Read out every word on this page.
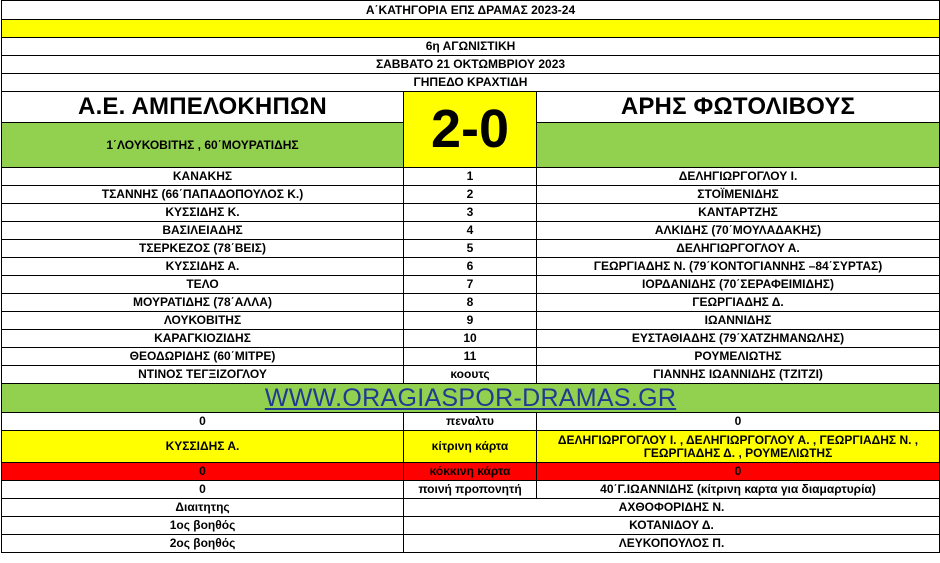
Α΄ΚΑΤΗΓΟΡΙΑ ΕΠΣ ΔΡΑΜΑΣ 2023-24		

6η ΑΓΩΝΙΣΤΙΚΗ		
ΣΑΒΒΑΤΟ 21 ΟΚΤΩΜΒΡΙΟΥ 2023		
ΓΗΠΕΔΟ ΚΡΑΧΤΙΔΗ		
Α.Ε. ΑΜΠΕΛΟΚΗΠΩΝ	2-0	ΑΡΗΣ ΦΩΤΟΛΙΒΟΥΣ
1΄ΛΟΥΚΟΒΙΤΗΣ , 60΄ΜΟΥΡΑΤΙΔΗΣ		
ΚΑΝΑΚΗΣ	1	ΔΕΛΗΓΙΩΡΓΟΓΛΟΥ Ι.
ΤΣΑΝΝΗΣ (66΄ΠΑΠΑΔΟΠΟΥΛΟΣ Κ.)	2	ΣΤΟΪΜΕΝΙΔΗΣ
ΚΥΣΣΙΔΗΣ Κ.	3	ΚΑΝΤΑΡΤΖΗΣ
ΒΑΣΙΛΕΙΑΔΗΣ	4	ΑΛΚΙΔΗΣ (70΄ΜΟΥΛΑΔΑΚΗΣ)
ΤΣΕΡΚΕΖΟΣ (78΄ΒΕΙΣ)	5	ΔΕΛΗΓΙΩΡΓΟΓΛΟΥ Α.
ΚΥΣΣΙΔΗΣ Α.	6	ΓΕΩΡΓΙΑΔΗΣ Ν. (79΄ΚΟΝΤΟΓΙΑΝΝΗΣ –84΄ΣΥΡΤΑΣ)
ΤΕΛΟ	7	ΙΟΡΔΑΝΙΔΗΣ (70΄ΣΕΡΑΦΕΙΜΙΔΗΣ)
ΜΟΥΡΑΤΙΔΗΣ (78΄ΑΛΛΑ)	8	ΓΕΩΡΓΙΑΔΗΣ Δ.
ΛΟΥΚΟΒΙΤΗΣ	9	ΙΩΑΝΝΙΔΗΣ
ΚΑΡΑΓΚΙΟΖΙΔΗΣ	10	ΕΥΣΤΑΘΙΑΔΗΣ (79΄ΧΑΤΖΗΜΑΝΩΛΗΣ)
ΘΕΟΔΩΡΙΔΗΣ (60΄ΜΙΤΡΕ)	11	ΡΟΥΜΕΛΙΩΤΗΣ
ΝΤΙΝΟΣ ΤΕΓΞΙΖΟΓΛΟΥ	κοουτς	ΓΙΑΝΝΗΣ ΙΩΑΝΝΙΔΗΣ (ΤΖΙΤΖΙ)
WWW.ORAGIASPOR-DRAMAS.GR		
0	πεναλτυ	0
ΚΥΣΣΙΔΗΣ Α.	κίτρινη κάρτα	ΔΕΛΗΓΙΩΡΓΟΓΛΟΥ Ι. , ΔΕΛΗΓΙΩΡΓΟΓΛΟΥ Α. , ΓΕΩΡΓΙΑΔΗΣ Ν. , ΓΕΩΡΓΙΑΔΗΣ Δ. , ΡΟΥΜΕΛΙΩΤΗΣ
0	κόκκινη κάρτα	0
0	ποινή προπονητή	40΄Γ.ΙΩΑΝΝΙΔΗΣ (κίτρινη καρτα για διαμαρτυρία)
Διαιτητης	ΑΧΘΟΦΟΡΙΔΗΣ Ν.	
1ος βοηθός	ΚΟΤΑΝΙΔΟΥ Δ.	
2ος βοηθός	ΛΕΥΚΟΠΟΥΛΟΣ Π.	
